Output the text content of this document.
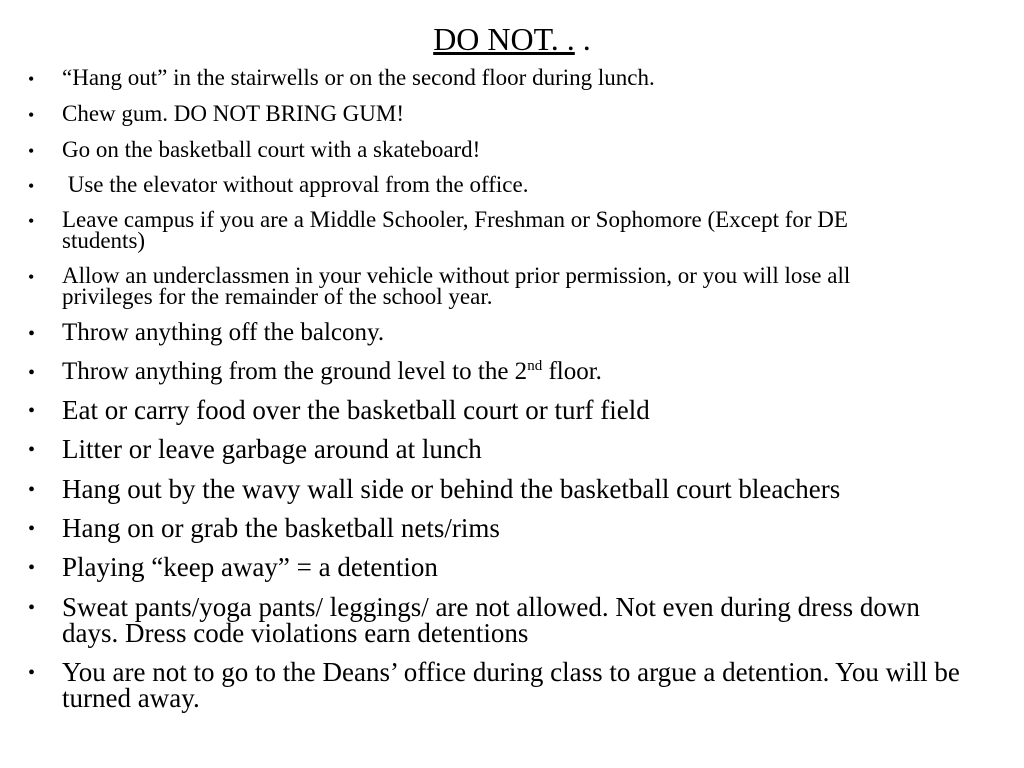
DO NOT. . .
•	“Hang out” in the stairwells or on the second floor during lunch.
•	Chew gum. DO NOT BRING GUM!
•	Go on the basketball court with a skateboard!
•	Use the elevator without approval from the office.
•	Leave campus if you are a Middle Schooler, Freshman or Sophomore (Except for DE students)
•	Allow an underclassmen in your vehicle without prior permission, or you will lose all privileges for the remainder of the school year.
•	Throw anything off the balcony.
•	Throw anything from the ground level to the 2nd floor.
• Eat or carry food over the basketball court or turf field
• Litter or leave garbage around at lunch
• Hang out by the wavy wall side or behind the basketball court bleachers
• Hang on or grab the basketball nets/rims
• Playing “keep away” = a detention
• Sweat pants/yoga pants/ leggings/ are not allowed. Not even during dress down days. Dress code violations earn detentions
• You are not to go to the Deans’ office during class to argue a detention. You will be turned away.
